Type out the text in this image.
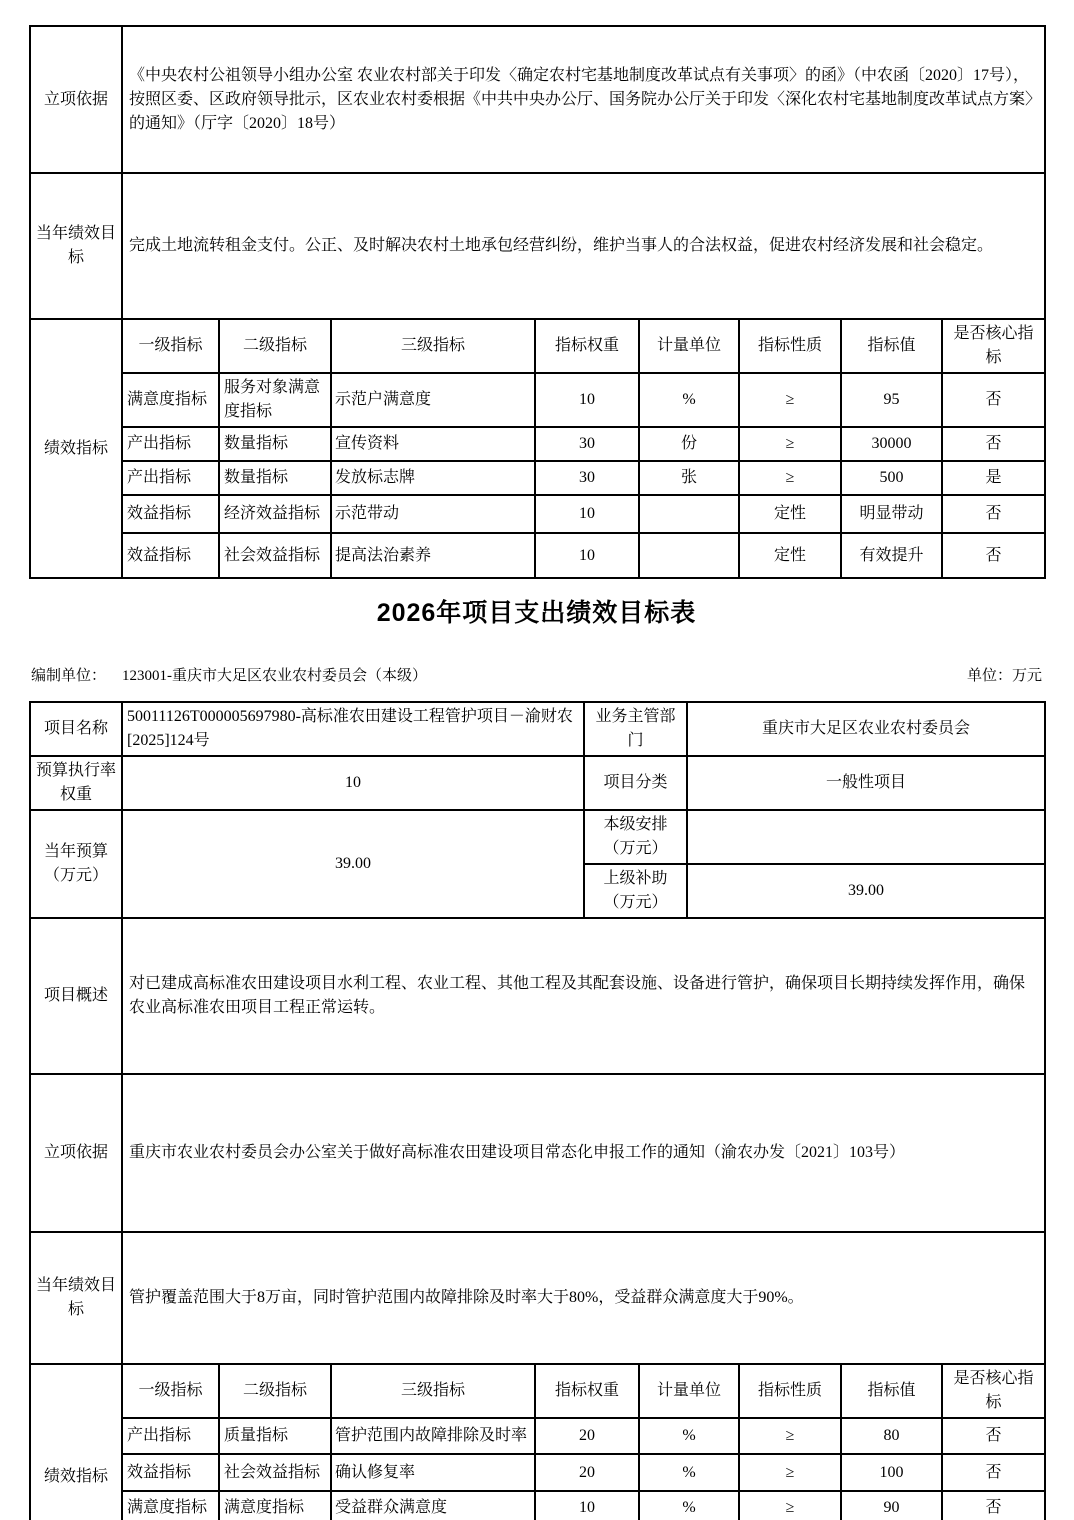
立项依据	《中央农村公祖领导小组办公室 农业农村部关于印发〈确定农村宅基地制度改革试点有关事项〉的函》（中农函〔2020〕17号），按照区委、区政府领导批示，区农业农村委根据《中共中央办公厅、国务院办公厅关于印发〈深化农村宅基地制度改革试点方案〉的通知》（厅字〔2020〕18号）
当年绩效目标	完成土地流转租金支付。公正、及时解决农村土地承包经营纠纷，维护当事人的合法权益，促进农村经济发展和社会稳定。
绩效指标	一级指标	二级指标	三级指标	指标权重	计量单位	指标性质	指标值	是否核心指标
	满意度指标	服务对象满意度指标	示范户满意度	10	%	≥	95	否
	产出指标	数量指标	宣传资料	30	份	≥	30000	否
	产出指标	数量指标	发放标志牌	30	张	≥	500	是
	效益指标	经济效益指标	示范带动	10		定性	明显带动	否
	效益指标	社会效益指标	提高法治素养	10		定性	有效提升	否
2026年项目支出绩效目标表
编制单位： 123001-重庆市大足区农业农村委员会（本级）	单位：万元
项目名称	50011126T000005697980-高标准农田建设工程管护项目－渝财农[2025]124号	业务主管部门	重庆市大足区农业农村委员会
预算执行率权重	10	项目分类	一般性项目
当年预算（万元）	39.00	本级安排（万元）	
		上级补助（万元）	39.00
项目概述	对已建成高标准农田建设项目水利工程、农业工程、其他工程及其配套设施、设备进行管护，确保项目长期持续发挥作用，确保农业高标准农田项目工程正常运转。
立项依据	重庆市农业农村委员会办公室关于做好高标准农田建设项目常态化申报工作的通知（渝农办发〔2021〕103号）
当年绩效目标	管护覆盖范围大于8万亩，同时管护范围内故障排除及时率大于80%，受益群众满意度大于90%。
绩效指标	一级指标	二级指标	三级指标	指标权重	计量单位	指标性质	指标值	是否核心指标
	产出指标	质量指标	管护范围内故障排除及时率	20	%	≥	80	否
	效益指标	社会效益指标	确认修复率	20	%	≥	100	否
	满意度指标	满意度指标	受益群众满意度	10	%	≥	90	否
